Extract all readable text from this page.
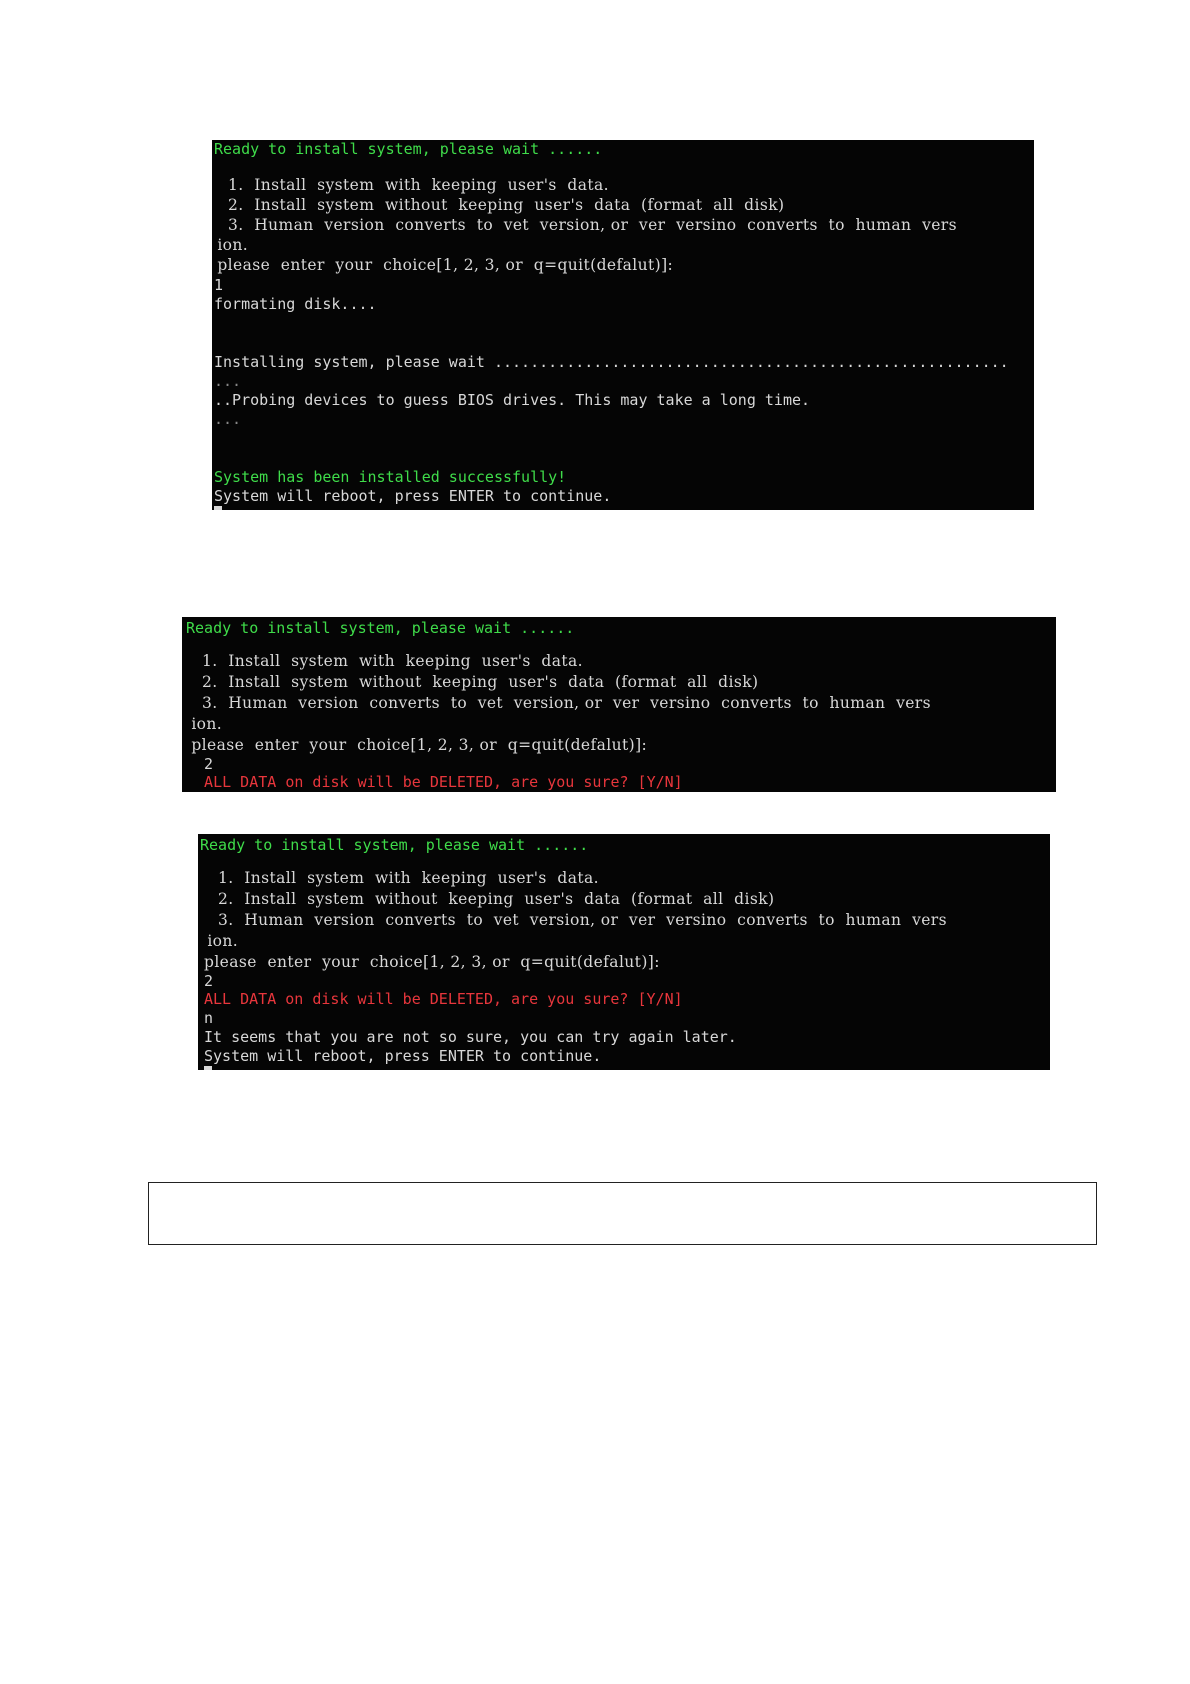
Ready to install system, please wait ......

1.  Install  system  with  keeping  user's  data.

2.  Install  system  without  keeping  user's  data  (format  all  disk)

3.  Human  version  converts  to  vet  version, or  ver  versino  converts  to  human  vers

ion.

please  enter  your  choice[1, 2, 3, or  q=quit(defalut)]:

1

formating disk....

Installing system, please wait .........................................................

...

..Probing devices to guess BIOS drives. This may take a long time.

...

System has been installed successfully!

System will reboot, press ENTER to continue.

Ready to install system, please wait ......

1.  Install  system  with  keeping  user's  data.

2.  Install  system  without  keeping  user's  data  (format  all  disk)

3.  Human  version  converts  to  vet  version, or  ver  versino  converts  to  human  vers

ion.

please  enter  your  choice[1, 2, 3, or  q=quit(defalut)]:

2

ALL DATA on disk will be DELETED, are you sure? [Y/N]

Ready to install system, please wait ......

1.  Install  system  with  keeping  user's  data.

2.  Install  system  without  keeping  user's  data  (format  all  disk)

3.  Human  version  converts  to  vet  version, or  ver  versino  converts  to  human  vers

ion.

please  enter  your  choice[1, 2, 3, or  q=quit(defalut)]:

2

ALL DATA on disk will be DELETED, are you sure? [Y/N]

n

It seems that you are not so sure, you can try again later.

System will reboot, press ENTER to continue.
